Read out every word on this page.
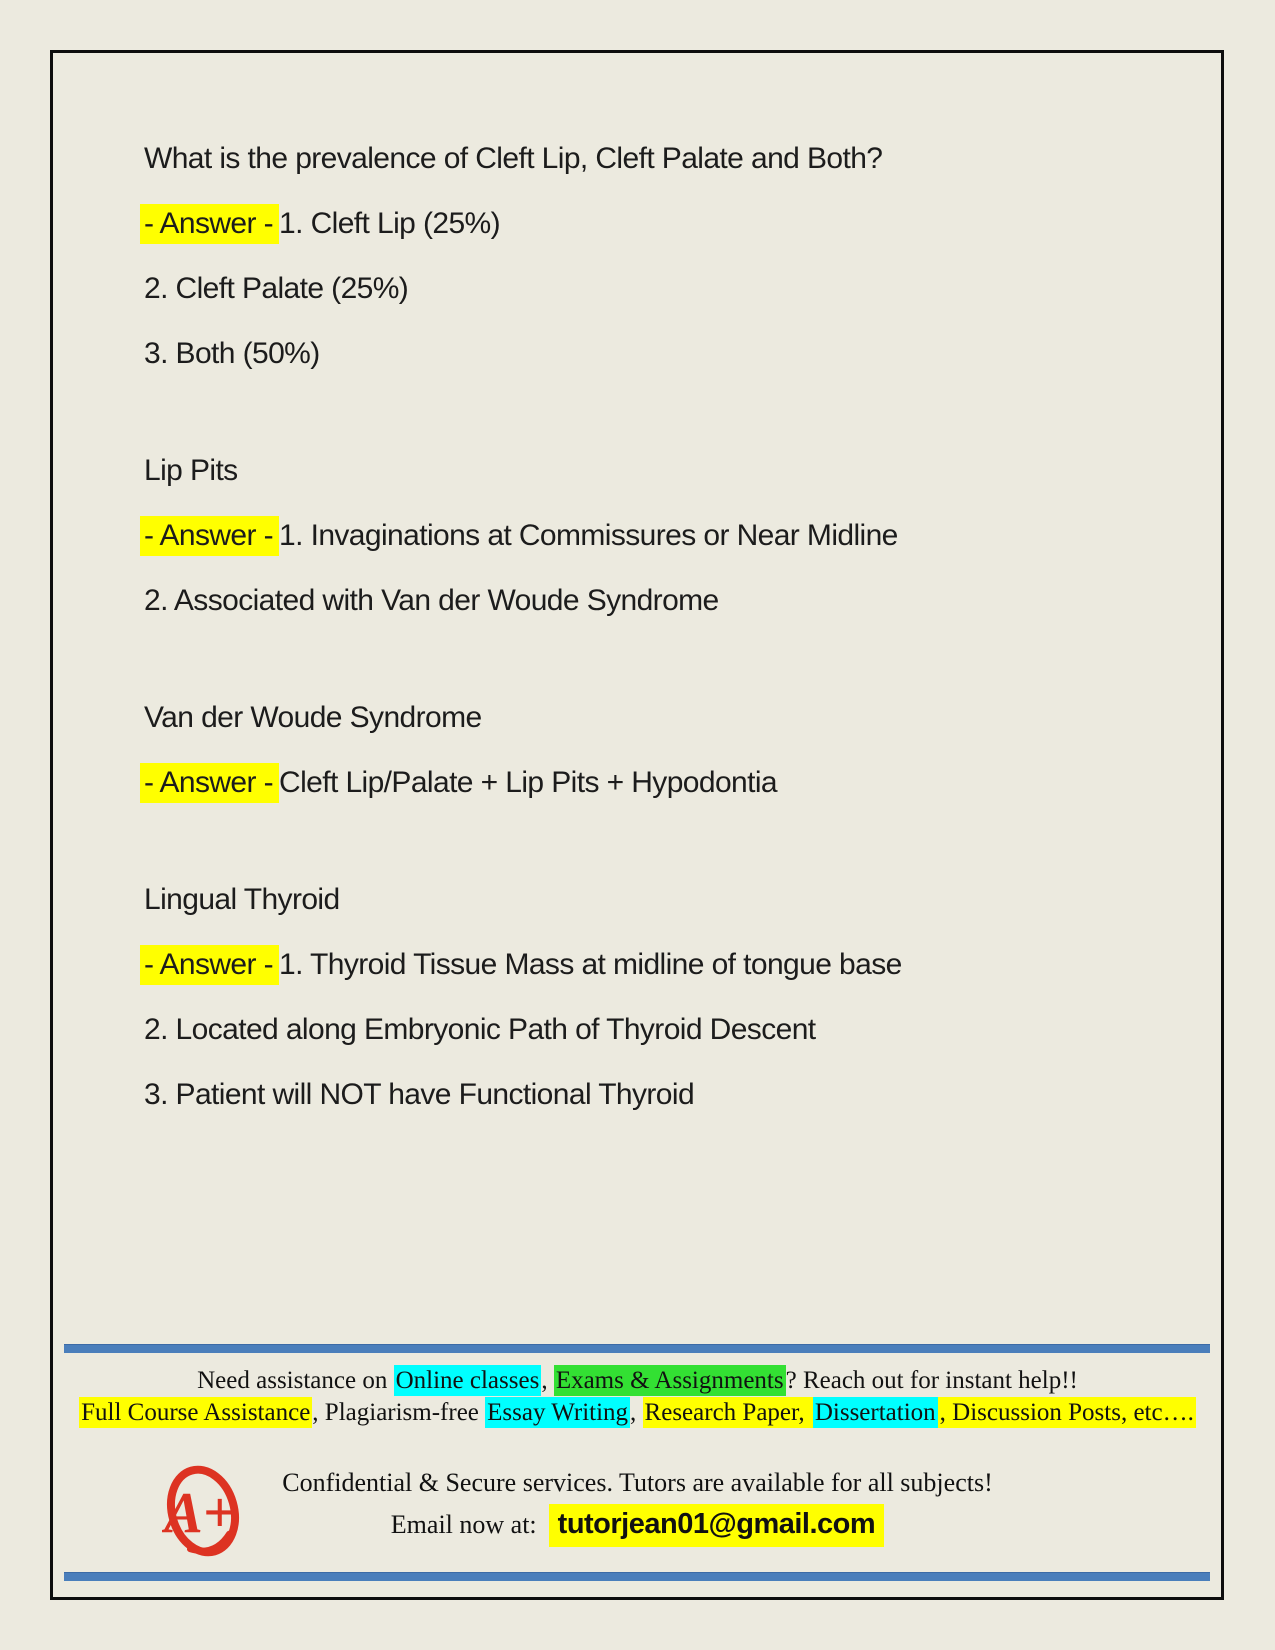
What is the prevalence of Cleft Lip, Cleft Palate and Both?

- Answer - 1. Cleft Lip (25%)

2. Cleft Palate (25%)

3. Both (50%)

Lip Pits

- Answer - 1. Invaginations at Commissures or Near Midline

2. Associated with Van der Woude Syndrome

Van der Woude Syndrome

- Answer - Cleft Lip/Palate + Lip Pits + Hypodontia

Lingual Thyroid

- Answer - 1. Thyroid Tissue Mass at midline of tongue base

2. Located along Embryonic Path of Thyroid Descent

3. Patient will NOT have Functional Thyroid

Need assistance on Online classes, Exams & Assignments? Reach out for instant help!!

Full Course Assistance, Plagiarism-free Essay Writing, Research Paper, Dissertation , Discussion Posts, etc….

A+	Confidential & Secure services. Tutors are available for all subjects!

Email now at: tutorjean01@gmail.com
